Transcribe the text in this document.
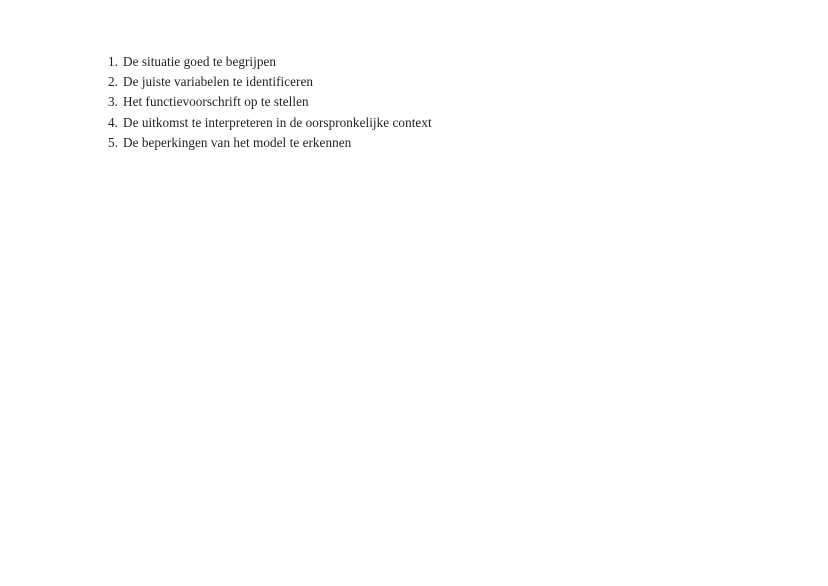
1. De situatie goed te begrijpen
2. De juiste variabelen te identificeren
3. Het functievoorschrift op te stellen
4. De uitkomst te interpreteren in de oorspronkelijke context
5. De beperkingen van het model te erkennen
